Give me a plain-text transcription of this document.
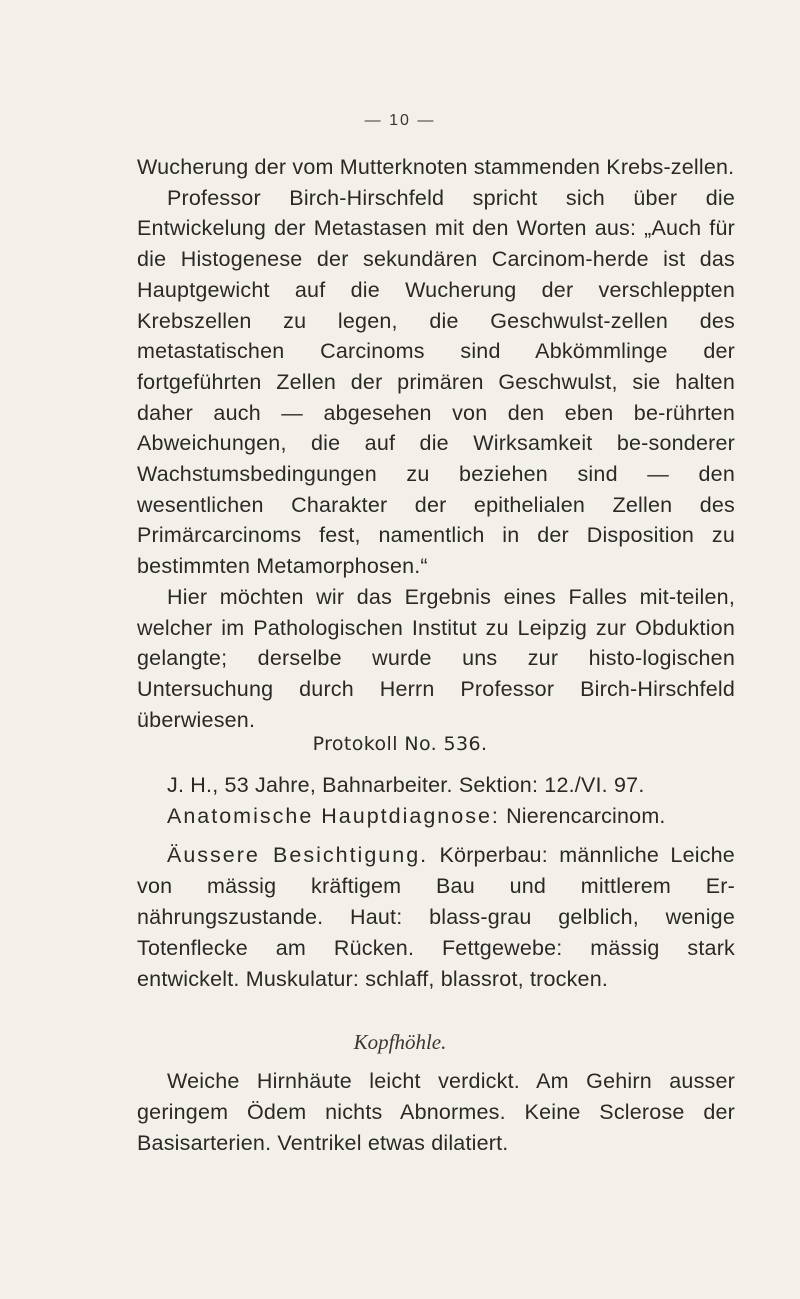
— 10 —

Wucherung der vom Mutterknoten stammenden Krebs-zellen.

Professor Birch-Hirschfeld spricht sich über die Entwickelung der Metastasen mit den Worten aus: „Auch für die Histogenese der sekundären Carcinom-herde ist das Hauptgewicht auf die Wucherung der verschleppten Krebszellen zu legen, die Geschwulst-zellen des metastatischen Carcinoms sind Abkömmlinge der fortgeführten Zellen der primären Geschwulst, sie halten daher auch — abgesehen von den eben be-rührten Abweichungen, die auf die Wirksamkeit be-sonderer Wachstumsbedingungen zu beziehen sind — den wesentlichen Charakter der epithelialen Zellen des Primärcarcinoms fest, namentlich in der Disposition zu bestimmten Metamorphosen.“

Hier möchten wir das Ergebnis eines Falles mit-teilen, welcher im Pathologischen Institut zu Leipzig zur Obduktion gelangte; derselbe wurde uns zur histo-logischen Untersuchung durch Herrn Professor Birch-Hirschfeld überwiesen.

Protokoll No. 536.

J. H., 53 Jahre, Bahnarbeiter. Sektion: 12./VI. 97.

Anatomische Hauptdiagnose: Nierencarcinom.

Äussere Besichtigung. Körperbau: männliche Leiche von mässig kräftigem Bau und mittlerem Er-nährungszustande. Haut: blass-grau gelblich, wenige Totenflecke am Rücken. Fettgewebe: mässig stark entwickelt. Muskulatur: schlaff, blassrot, trocken.

Kopfhöhle.

Weiche Hirnhäute leicht verdickt. Am Gehirn ausser geringem Ödem nichts Abnormes. Keine Sclerose der Basisarterien. Ventrikel etwas dilatiert.
